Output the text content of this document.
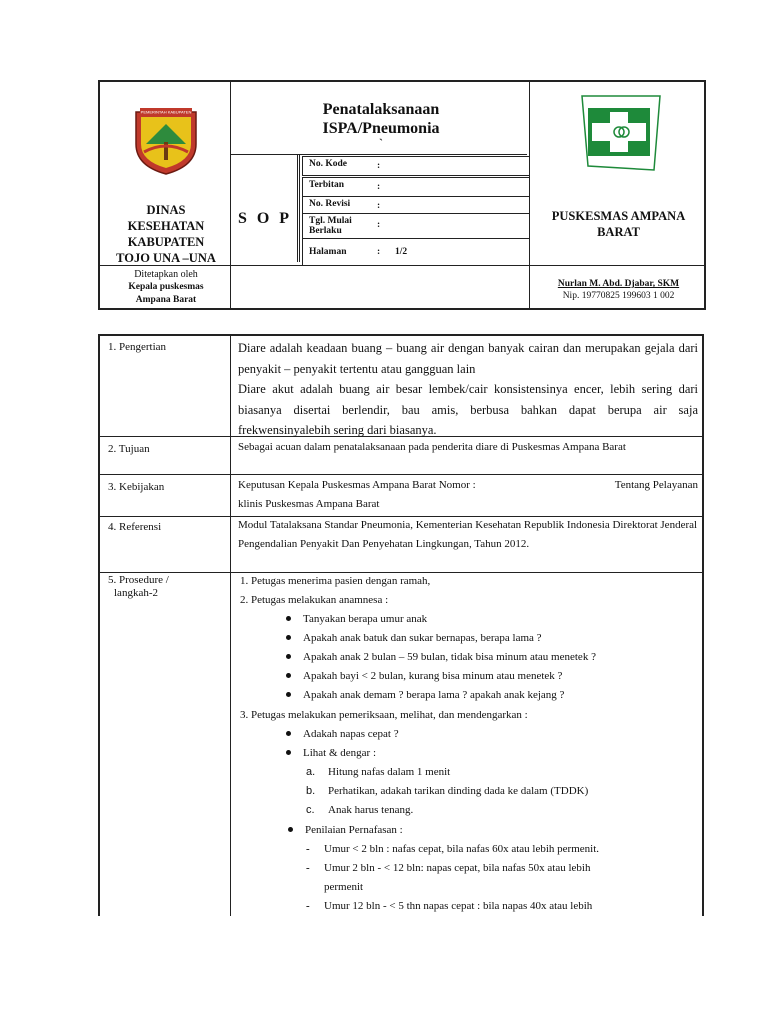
PEMERINTAH KABUPATEN
DINAS
KESEHATAN
KABUPATEN
TOJO UNA –UNA
Ditetapkan oleh
Kepala puskesmas
Ampana Barat
Penatalaksanaan
ISPA/Pneumonia
`
S O P
No. Kode	:
Terbitan	:
No. Revisi	:
Tgl. Mulai Berlaku
:
Halaman	: 1/2
PUSKESMAS AMPANA BARAT
Nurlan M. Abd. Djabar, SKM
Nip. 19770825 199603 1 002
1. Pengertian	Diare adalah keadaan buang – buang air dengan banyak cairan dan merupakan gejala dari penyakit – penyakit tertentu atau gangguan lain
Diare akut adalah buang air besar lembek/cair konsistensinya encer, lebih sering dari biasanya disertai berlendir, bau amis, berbusa bahkan dapat berupa air saja frekwensinyalebih sering dari biasanya.
2. Tujuan	Sebagai acuan dalam penatalaksanaan pada penderita diare di Puskesmas Ampana Barat
3. Kebijakan	Keputusan Kepala Puskesmas Ampana Barat Nomor :	Tentang Pelayanan
klinis Puskesmas Ampana Barat
4. Referensi	Modul Tatalaksana Standar Pneumonia, Kementerian Kesehatan Republik Indonesia Direktorat Jenderal Pengendalian Penyakit Dan Penyehatan Lingkungan, Tahun 2012.
5. Prosedure /
langkah-2
1. Petugas menerima pasien dengan ramah,
2. Petugas melakukan anamnesa :
Tanyakan berapa umur anak
Apakah anak batuk dan sukar bernapas, berapa lama ?
Apakah anak 2 bulan – 59 bulan, tidak bisa minum atau menetek ?
Apakah bayi < 2 bulan, kurang bisa minum atau menetek ?
Apakah anak demam ? berapa lama ? apakah anak kejang ?
3. Petugas melakukan pemeriksaan, melihat, dan mendengarkan :
Adakah napas cepat ?
Lihat & dengar :
a. Hitung nafas dalam 1 menit
b. Perhatikan, adakah tarikan dinding dada ke dalam (TDDK)
c. Anak harus tenang.
Penilaian Pernafasan :
- Umur < 2 bln : nafas cepat, bila nafas 60x atau lebih permenit.
- Umur 2 bln - < 12 bln: napas cepat, bila nafas 50x atau lebih
permenit
- Umur 12 bln - < 5 thn napas cepat : bila napas 40x atau lebih
